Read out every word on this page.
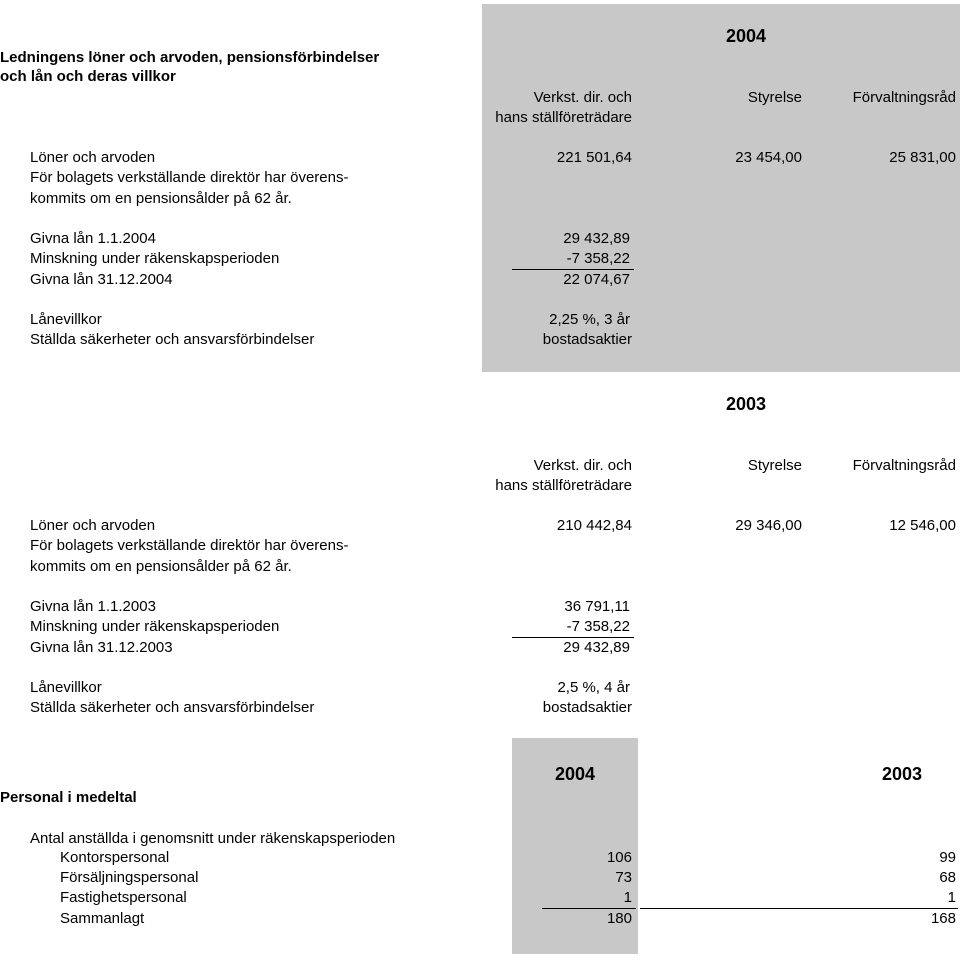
Ledningens löner och arvoden, pensionsförbindelser
och lån och deras villkor
2004
Verkst. dir. och
hans ställföreträdare
Styrelse	Förvaltningsråd
Löner och arvoden	221 501,64	23 454,00	25 831,00
För bolagets verkställande direktör har överens-
kommits om en pensionsålder på 62 år.
Givna lån 1.1.2004	29 432,89
Minskning under räkenskapsperioden	-7 358,22
Givna lån 31.12.2004	22 074,67
Lånevillkor	2,25 %, 3 år
Ställda säkerheter och ansvarsförbindelser	bostadsaktier
2003
Verkst. dir. och
hans ställföreträdare
Styrelse	Förvaltningsråd
Löner och arvoden	210 442,84	29 346,00	12 546,00
För bolagets verkställande direktör har överens-
kommits om en pensionsålder på 62 år.
Givna lån 1.1.2003	36 791,11
Minskning under räkenskapsperioden	-7 358,22
Givna lån 31.12.2003	29 432,89
Lånevillkor	2,5 %, 4 år
Ställda säkerheter och ansvarsförbindelser	bostadsaktier
2004	2003
Personal i medeltal
Antal anställda i genomsnitt under räkenskapsperioden
Kontorspersonal	106	99
Försäljningspersonal	73	68
Fastighetspersonal	1	1
Sammanlagt	180	168
